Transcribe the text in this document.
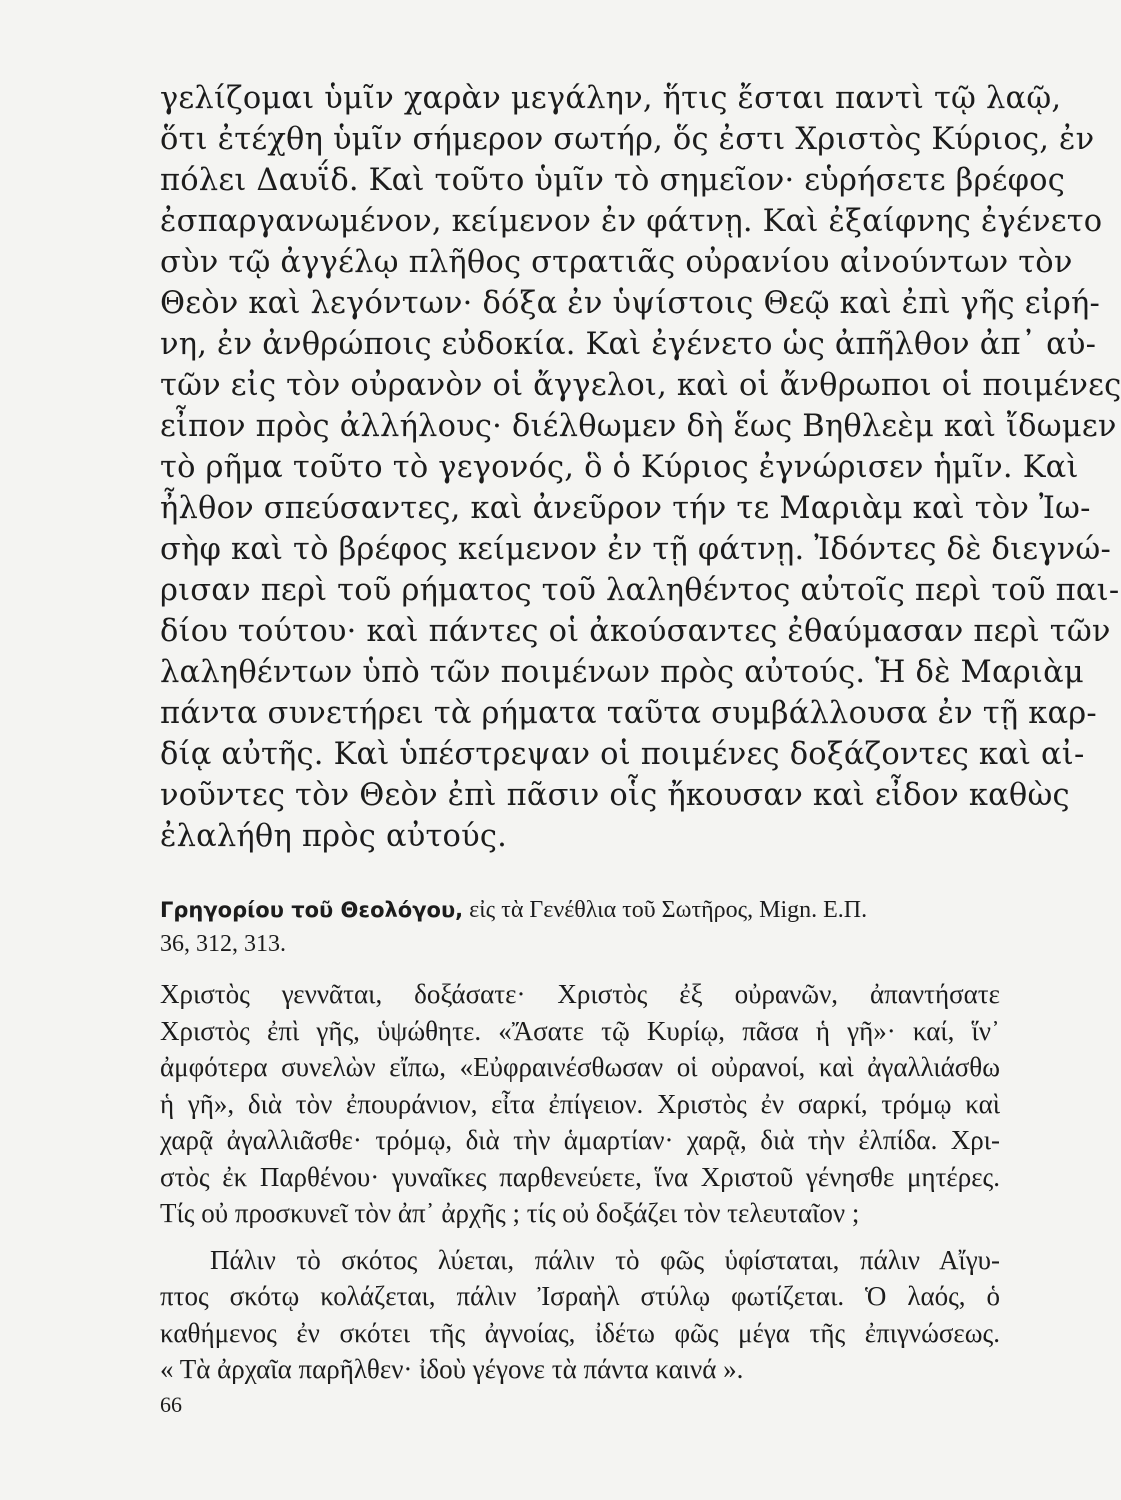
γελίζομαι ὑμῖν χαρὰν μεγάλην, ἥτις ἔσται παντὶ τῷ λαῷ,
ὅτι ἐτέχθη ὑμῖν σήμερον σωτήρ, ὅς ἐστι Χριστὸς Κύριος, ἐν
πόλει Δαυΐδ. Καὶ τοῦτο ὑμῖν τὸ σημεῖον· εὑρήσετε βρέφος
ἐσπαργανωμένον, κείμενον ἐν φάτνῃ. Καὶ ἐξαίφνης ἐγένετο
σὺν τῷ ἀγγέλῳ πλῆθος στρατιᾶς οὐρανίου αἰνούντων τὸν
Θεὸν καὶ λεγόντων· δόξα ἐν ὑψίστοις Θεῷ καὶ ἐπὶ γῆς εἰρή-
νη, ἐν ἀνθρώποις εὐδοκία. Καὶ ἐγένετο ὡς ἀπῆλθον ἀπ᾿ αὐ-
τῶν εἰς τὸν οὐρανὸν οἱ ἄγγελοι, καὶ οἱ ἄνθρωποι οἱ ποιμένες
εἶπον πρὸς ἀλλήλους· διέλθωμεν δὴ ἕως Βηθλεὲμ καὶ ἴδωμεν
τὸ ρῆμα τοῦτο τὸ γεγονός, ὃ ὁ Κύριος ἐγνώρισεν ἡμῖν. Καὶ
ἦλθον σπεύσαντες, καὶ ἀνεῦρον τήν τε Μαριὰμ καὶ τὸν Ἰω-
σὴφ καὶ τὸ βρέφος κείμενον ἐν τῇ φάτνῃ. Ἰδόντες δὲ διεγνώ-
ρισαν περὶ τοῦ ρήματος τοῦ λαληθέντος αὐτοῖς περὶ τοῦ παι-
δίου τούτου· καὶ πάντες οἱ ἀκούσαντες ἐθαύμασαν περὶ τῶν
λαληθέντων ὑπὸ τῶν ποιμένων πρὸς αὐτούς. Ἡ δὲ Μαριὰμ
πάντα συνετήρει τὰ ρήματα ταῦτα συμβάλλουσα ἐν τῇ καρ-
δίᾳ αὐτῆς. Καὶ ὑπέστρεψαν οἱ ποιμένες δοξάζοντες καὶ αἰ-
νοῦντες τὸν Θεὸν ἐπὶ πᾶσιν οἷς ἤκουσαν καὶ εἶδον καθὼς
ἐλαλήθη πρὸς αὐτούς.
Γρηγορίου τοῦ Θεολόγου, εἰς τὰ Γενέθλια τοῦ Σωτῆρος, Mign. Ε.Π.
36, 312, 313.
Χριστὸς γεννᾶται, δοξάσατε· Χριστὸς ἐξ οὐρανῶν, ἀπαντήσατε
Χριστὸς ἐπὶ γῆς, ὑψώθητε. «Ἄσατε τῷ Κυρίῳ, πᾶσα ἡ γῆ»· καί, ἵν᾿
ἀμφότερα συνελὼν εἴπω, «Εὐφραινέσθωσαν οἱ οὐρανοί, καὶ ἀγαλλιάσθω
ἡ γῆ», διὰ τὸν ἐπουράνιον, εἶτα ἐπίγειον. Χριστὸς ἐν σαρκί, τρόμῳ καὶ
χαρᾷ ἀγαλλιᾶσθε· τρόμῳ, διὰ τὴν ἁμαρτίαν· χαρᾷ, διὰ τὴν ἐλπίδα. Χρι-
στὸς ἐκ Παρθένου· γυναῖκες παρθενεύετε, ἵνα Χριστοῦ γένησθε μητέρες.
Τίς οὐ προσκυνεῖ τὸν ἀπ᾿ ἀρχῆς ; τίς οὐ δοξάζει τὸν τελευταῖον ;
Πάλιν τὸ σκότος λύεται, πάλιν τὸ φῶς ὑφίσταται, πάλιν Αἴγυ-
πτος σκότῳ κολάζεται, πάλιν Ἰσραὴλ στύλῳ φωτίζεται. Ὁ λαός, ὁ
καθήμενος ἐν σκότει τῆς ἀγνοίας, ἰδέτω φῶς μέγα τῆς ἐπιγνώσεως.
« Τὰ ἀρχαῖα παρῆλθεν· ἰδοὺ γέγονε τὰ πάντα καινά ».
66
